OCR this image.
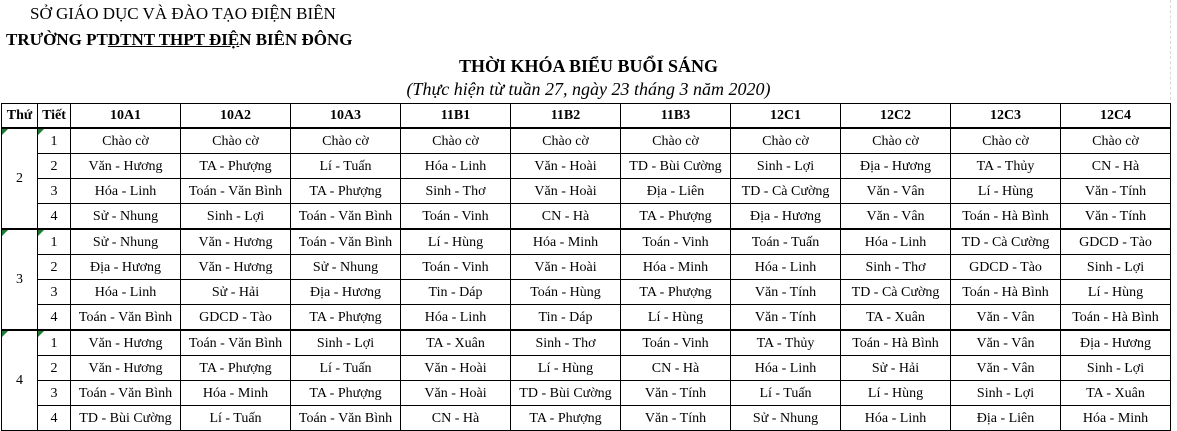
SỞ GIÁO DỤC VÀ ĐÀO TẠO ĐIỆN BIÊN
TRƯỜNG PTDTNT THPT ĐIỆN BIÊN ĐÔNG
THỜI KHÓA BIỂU BUỔI SÁNG
(Thực hiện từ tuần 27, ngày 23 tháng 3 năm 2020)
Thứ	Tiết	10A1	10A2	10A3	11B1	11B2	11B3	12C1	12C2	12C3	12C4

2	1	Chào cờ	Chào cờ	Chào cờ	Chào cờ	Chào cờ	Chào cờ	Chào cờ	Chào cờ	Chào cờ	Chào cờ
	2	Văn - Hương	TA - Phượng	Lí - Tuấn	Hóa - Linh	Văn - Hoài	TD - Bùi Cường	Sinh - Lợi	Địa - Hương	TA - Thủy	CN - Hà
	3	Hóa - Linh	Toán - Văn Bình	TA - Phượng	Sinh - Thơ	Văn - Hoài	Địa - Liên	TD - Cà Cường	Văn - Vân	Lí - Hùng	Văn - Tính
	4	Sử - Nhung	Sinh - Lợi	Toán - Văn Bình	Toán - Vinh	CN - Hà	TA - Phượng	Địa - Hương	Văn - Vân	Toán - Hà Bình	Văn - Tính

3	1	Sử - Nhung	Văn - Hương	Toán - Văn Bình	Lí - Hùng	Hóa - Minh	Toán - Vinh	Toán - Tuấn	Hóa - Linh	TD - Cà Cường	GDCD - Tào
	2	Địa - Hương	Văn - Hương	Sử - Nhung	Toán - Vinh	Văn - Hoài	Hóa - Minh	Hóa - Linh	Sinh - Thơ	GDCD - Tào	Sinh - Lợi
	3	Hóa - Linh	Sử - Hải	Địa - Hương	Tin - Dáp	Toán - Hùng	TA - Phượng	Văn - Tính	TD - Cà Cường	Toán - Hà Bình	Lí - Hùng
	4	Toán - Văn Bình	GDCD - Tào	TA - Phượng	Hóa - Linh	Tin - Dáp	Lí - Hùng	Văn - Tính	TA - Xuân	Văn - Vân	Toán - Hà Bình

4	1	Văn - Hương	Toán - Văn Bình	Sinh - Lợi	TA - Xuân	Sinh - Thơ	Toán - Vinh	TA - Thủy	Toán - Hà Bình	Văn - Vân	Địa - Hương
	2	Văn - Hương	TA - Phượng	Lí - Tuấn	Văn - Hoài	Lí - Hùng	CN - Hà	Hóa - Linh	Sử - Hải	Văn - Vân	Sinh - Lợi
	3	Toán - Văn Bình	Hóa - Minh	TA - Phượng	Văn - Hoài	TD - Bùi Cường	Văn - Tính	Lí - Tuấn	Lí - Hùng	Sinh - Lợi	TA - Xuân
	4	TD - Bùi Cường	Lí - Tuấn	Toán - Văn Bình	CN - Hà	TA - Phượng	Văn - Tính	Sử - Nhung	Hóa - Linh	Địa - Liên	Hóa - Minh
